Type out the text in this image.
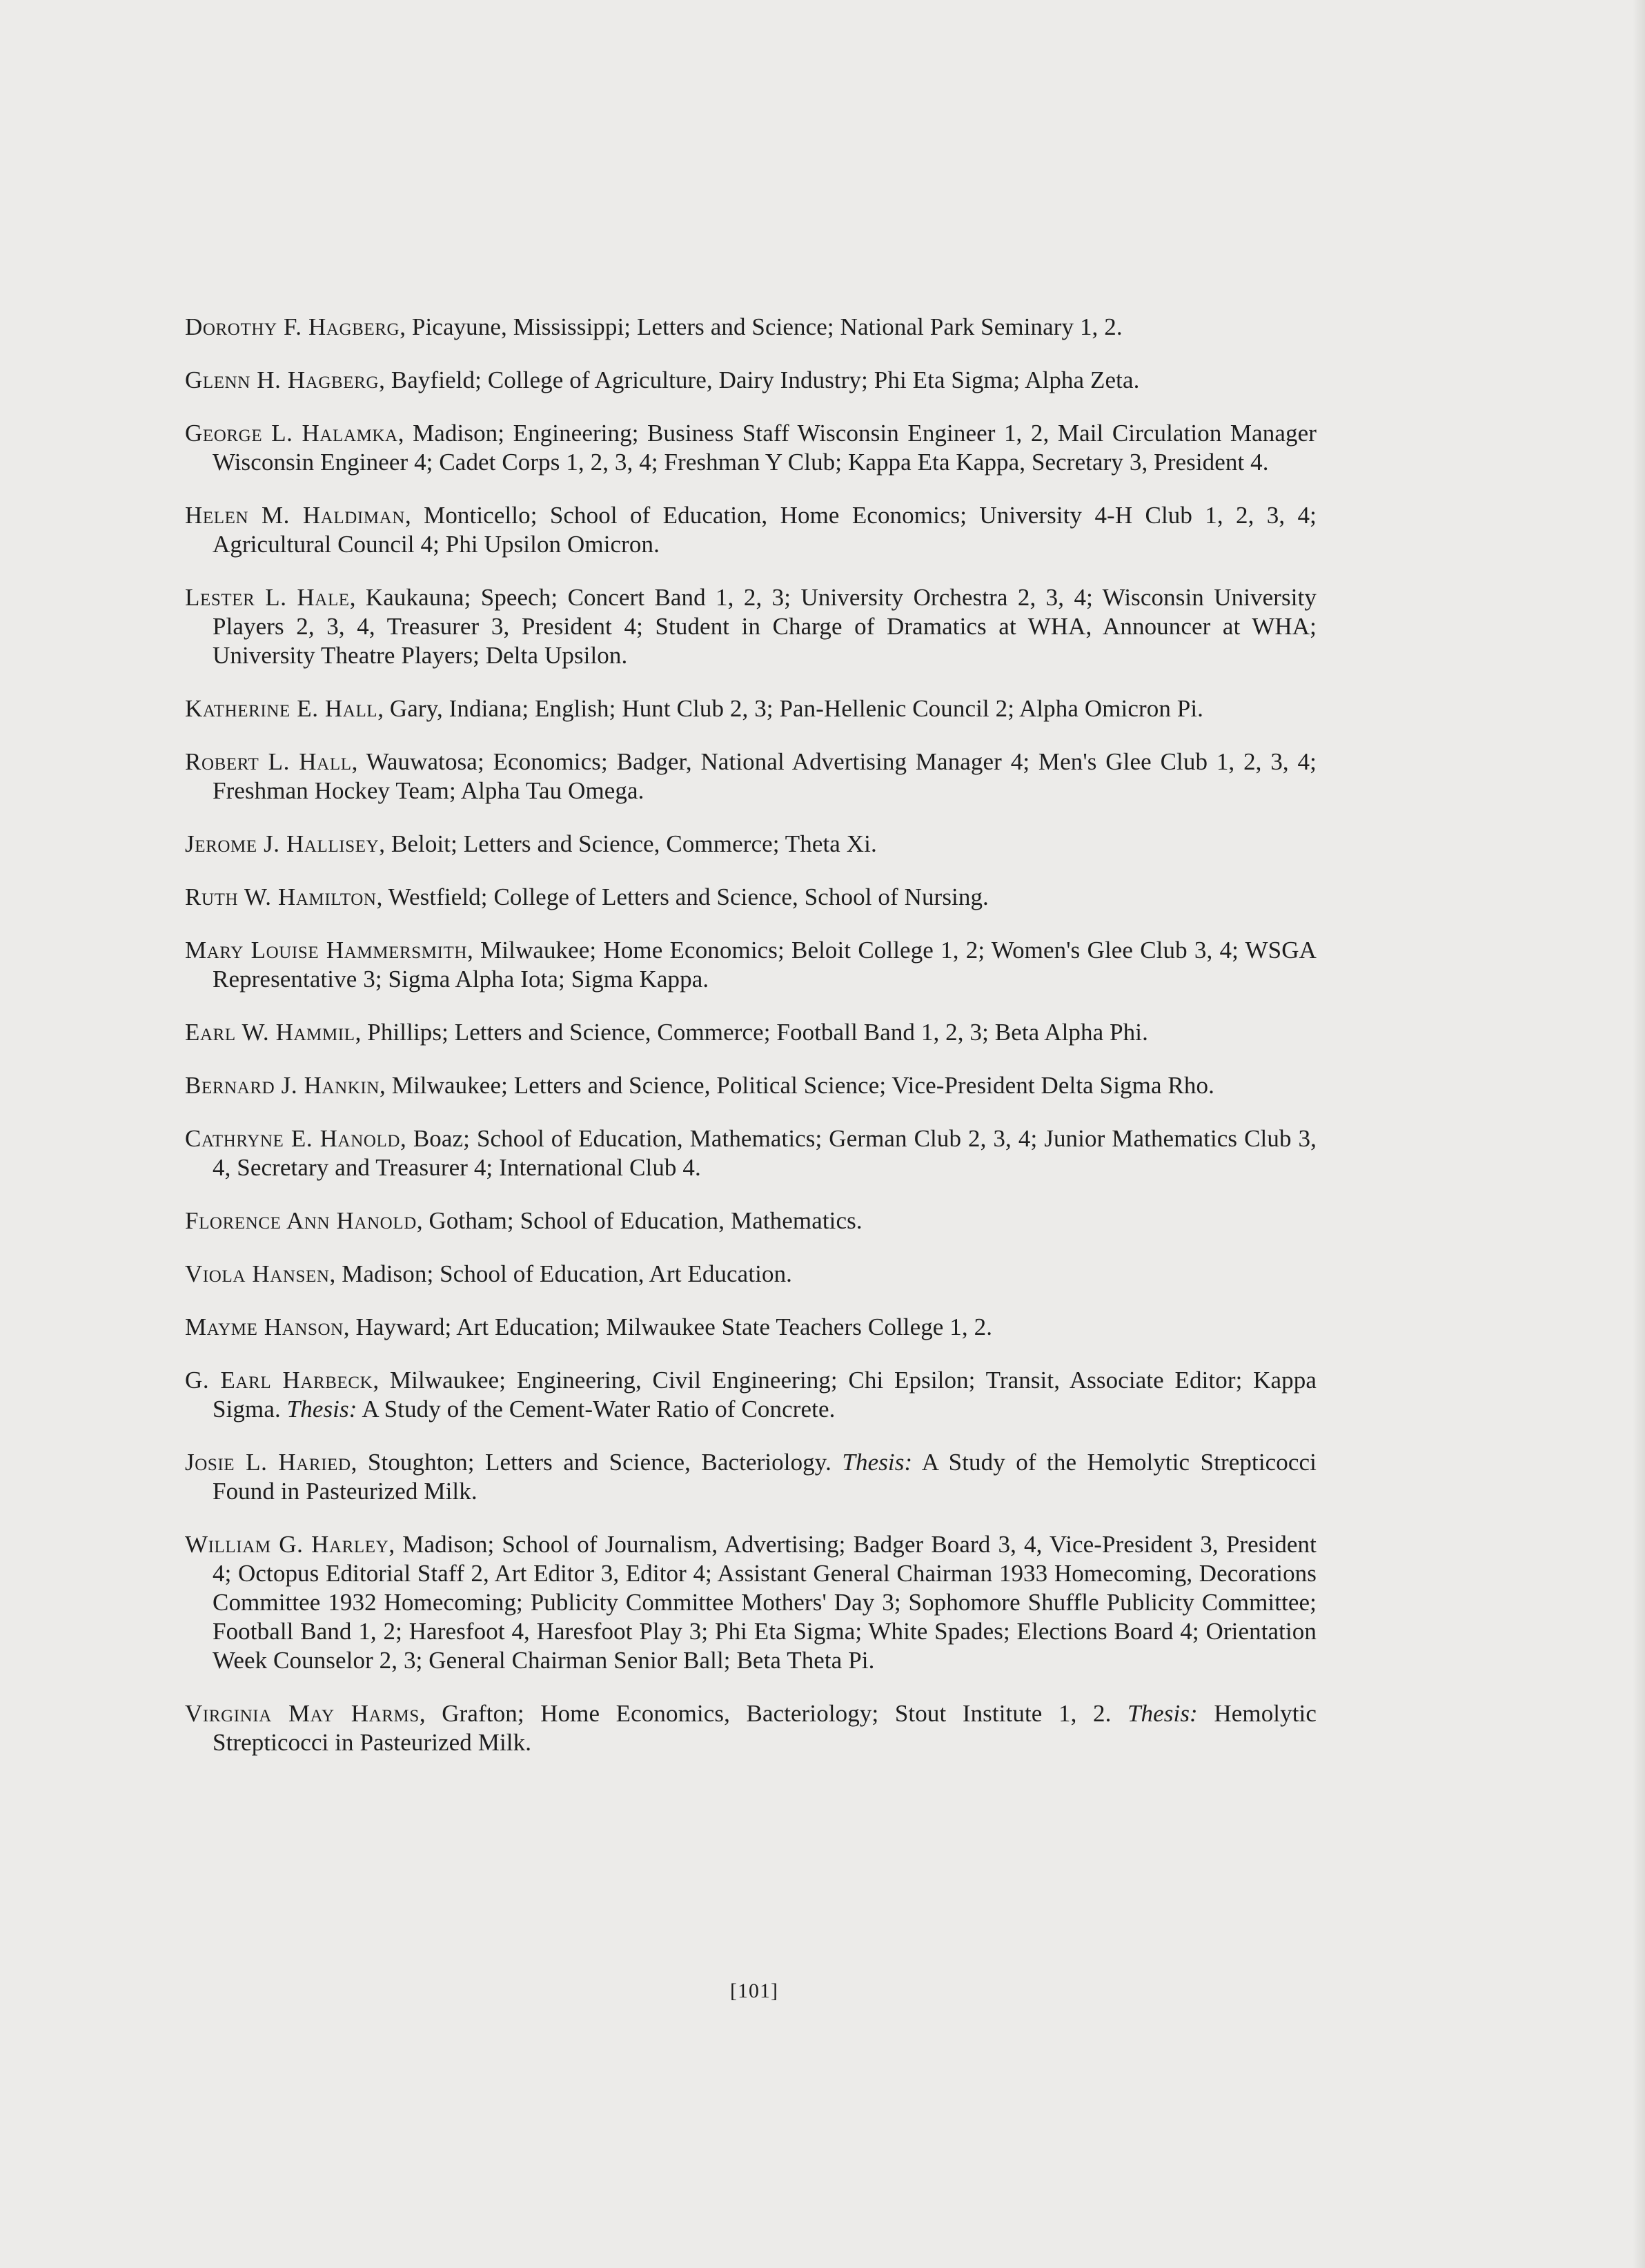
Dorothy F. Hagberg, Picayune, Mississippi; Letters and Science; National Park Seminary 1, 2.

Glenn H. Hagberg, Bayfield; College of Agriculture, Dairy Industry; Phi Eta Sigma; Alpha Zeta.

George L. Halamka, Madison; Engineering; Business Staff Wisconsin Engineer 1, 2, Mail Circulation Manager Wisconsin Engineer 4; Cadet Corps 1, 2, 3, 4; Freshman Y Club; Kappa Eta Kappa, Secretary 3, President 4.

Helen M. Haldiman, Monticello; School of Education, Home Economics; University 4-H Club 1, 2, 3, 4; Agricultural Council 4; Phi Upsilon Omicron.

Lester L. Hale, Kaukauna; Speech; Concert Band 1, 2, 3; University Orchestra 2, 3, 4; Wisconsin University Players 2, 3, 4, Treasurer 3, President 4; Student in Charge of Dramatics at WHA, Announcer at WHA; University Theatre Players; Delta Upsilon.

Katherine E. Hall, Gary, Indiana; English; Hunt Club 2, 3; Pan-Hellenic Council 2; Alpha Omicron Pi.

Robert L. Hall, Wauwatosa; Economics; Badger, National Advertising Manager 4; Men's Glee Club 1, 2, 3, 4; Freshman Hockey Team; Alpha Tau Omega.

Jerome J. Hallisey, Beloit; Letters and Science, Commerce; Theta Xi.

Ruth W. Hamilton, Westfield; College of Letters and Science, School of Nursing.

Mary Louise Hammersmith, Milwaukee; Home Economics; Beloit College 1, 2; Women's Glee Club 3, 4; WSGA Representative 3; Sigma Alpha Iota; Sigma Kappa.

Earl W. Hammil, Phillips; Letters and Science, Commerce; Football Band 1, 2, 3; Beta Alpha Phi.

Bernard J. Hankin, Milwaukee; Letters and Science, Political Science; Vice-President Delta Sigma Rho.

Cathryne E. Hanold, Boaz; School of Education, Mathematics; German Club 2, 3, 4; Junior Mathematics Club 3, 4, Secretary and Treasurer 4; International Club 4.

Florence Ann Hanold, Gotham; School of Education, Mathematics.

Viola Hansen, Madison; School of Education, Art Education.

Mayme Hanson, Hayward; Art Education; Milwaukee State Teachers College 1, 2.

G. Earl Harbeck, Milwaukee; Engineering, Civil Engineering; Chi Epsilon; Transit, Associate Editor; Kappa Sigma. Thesis: A Study of the Cement-Water Ratio of Concrete.

Josie L. Haried, Stoughton; Letters and Science, Bacteriology. Thesis: A Study of the Hemolytic Strepticocci Found in Pasteurized Milk.

William G. Harley, Madison; School of Journalism, Advertising; Badger Board 3, 4, Vice-President 3, President 4; Octopus Editorial Staff 2, Art Editor 3, Editor 4; Assistant General Chairman 1933 Homecoming, Decorations Committee 1932 Homecoming; Publicity Committee Mothers' Day 3; Sophomore Shuffle Publicity Committee; Football Band 1, 2; Haresfoot 4, Haresfoot Play 3; Phi Eta Sigma; White Spades; Elections Board 4; Orientation Week Counselor 2, 3; General Chairman Senior Ball; Beta Theta Pi.

Virginia May Harms, Grafton; Home Economics, Bacteriology; Stout Institute 1, 2. Thesis: Hemolytic Strepticocci in Pasteurized Milk.

[101]
